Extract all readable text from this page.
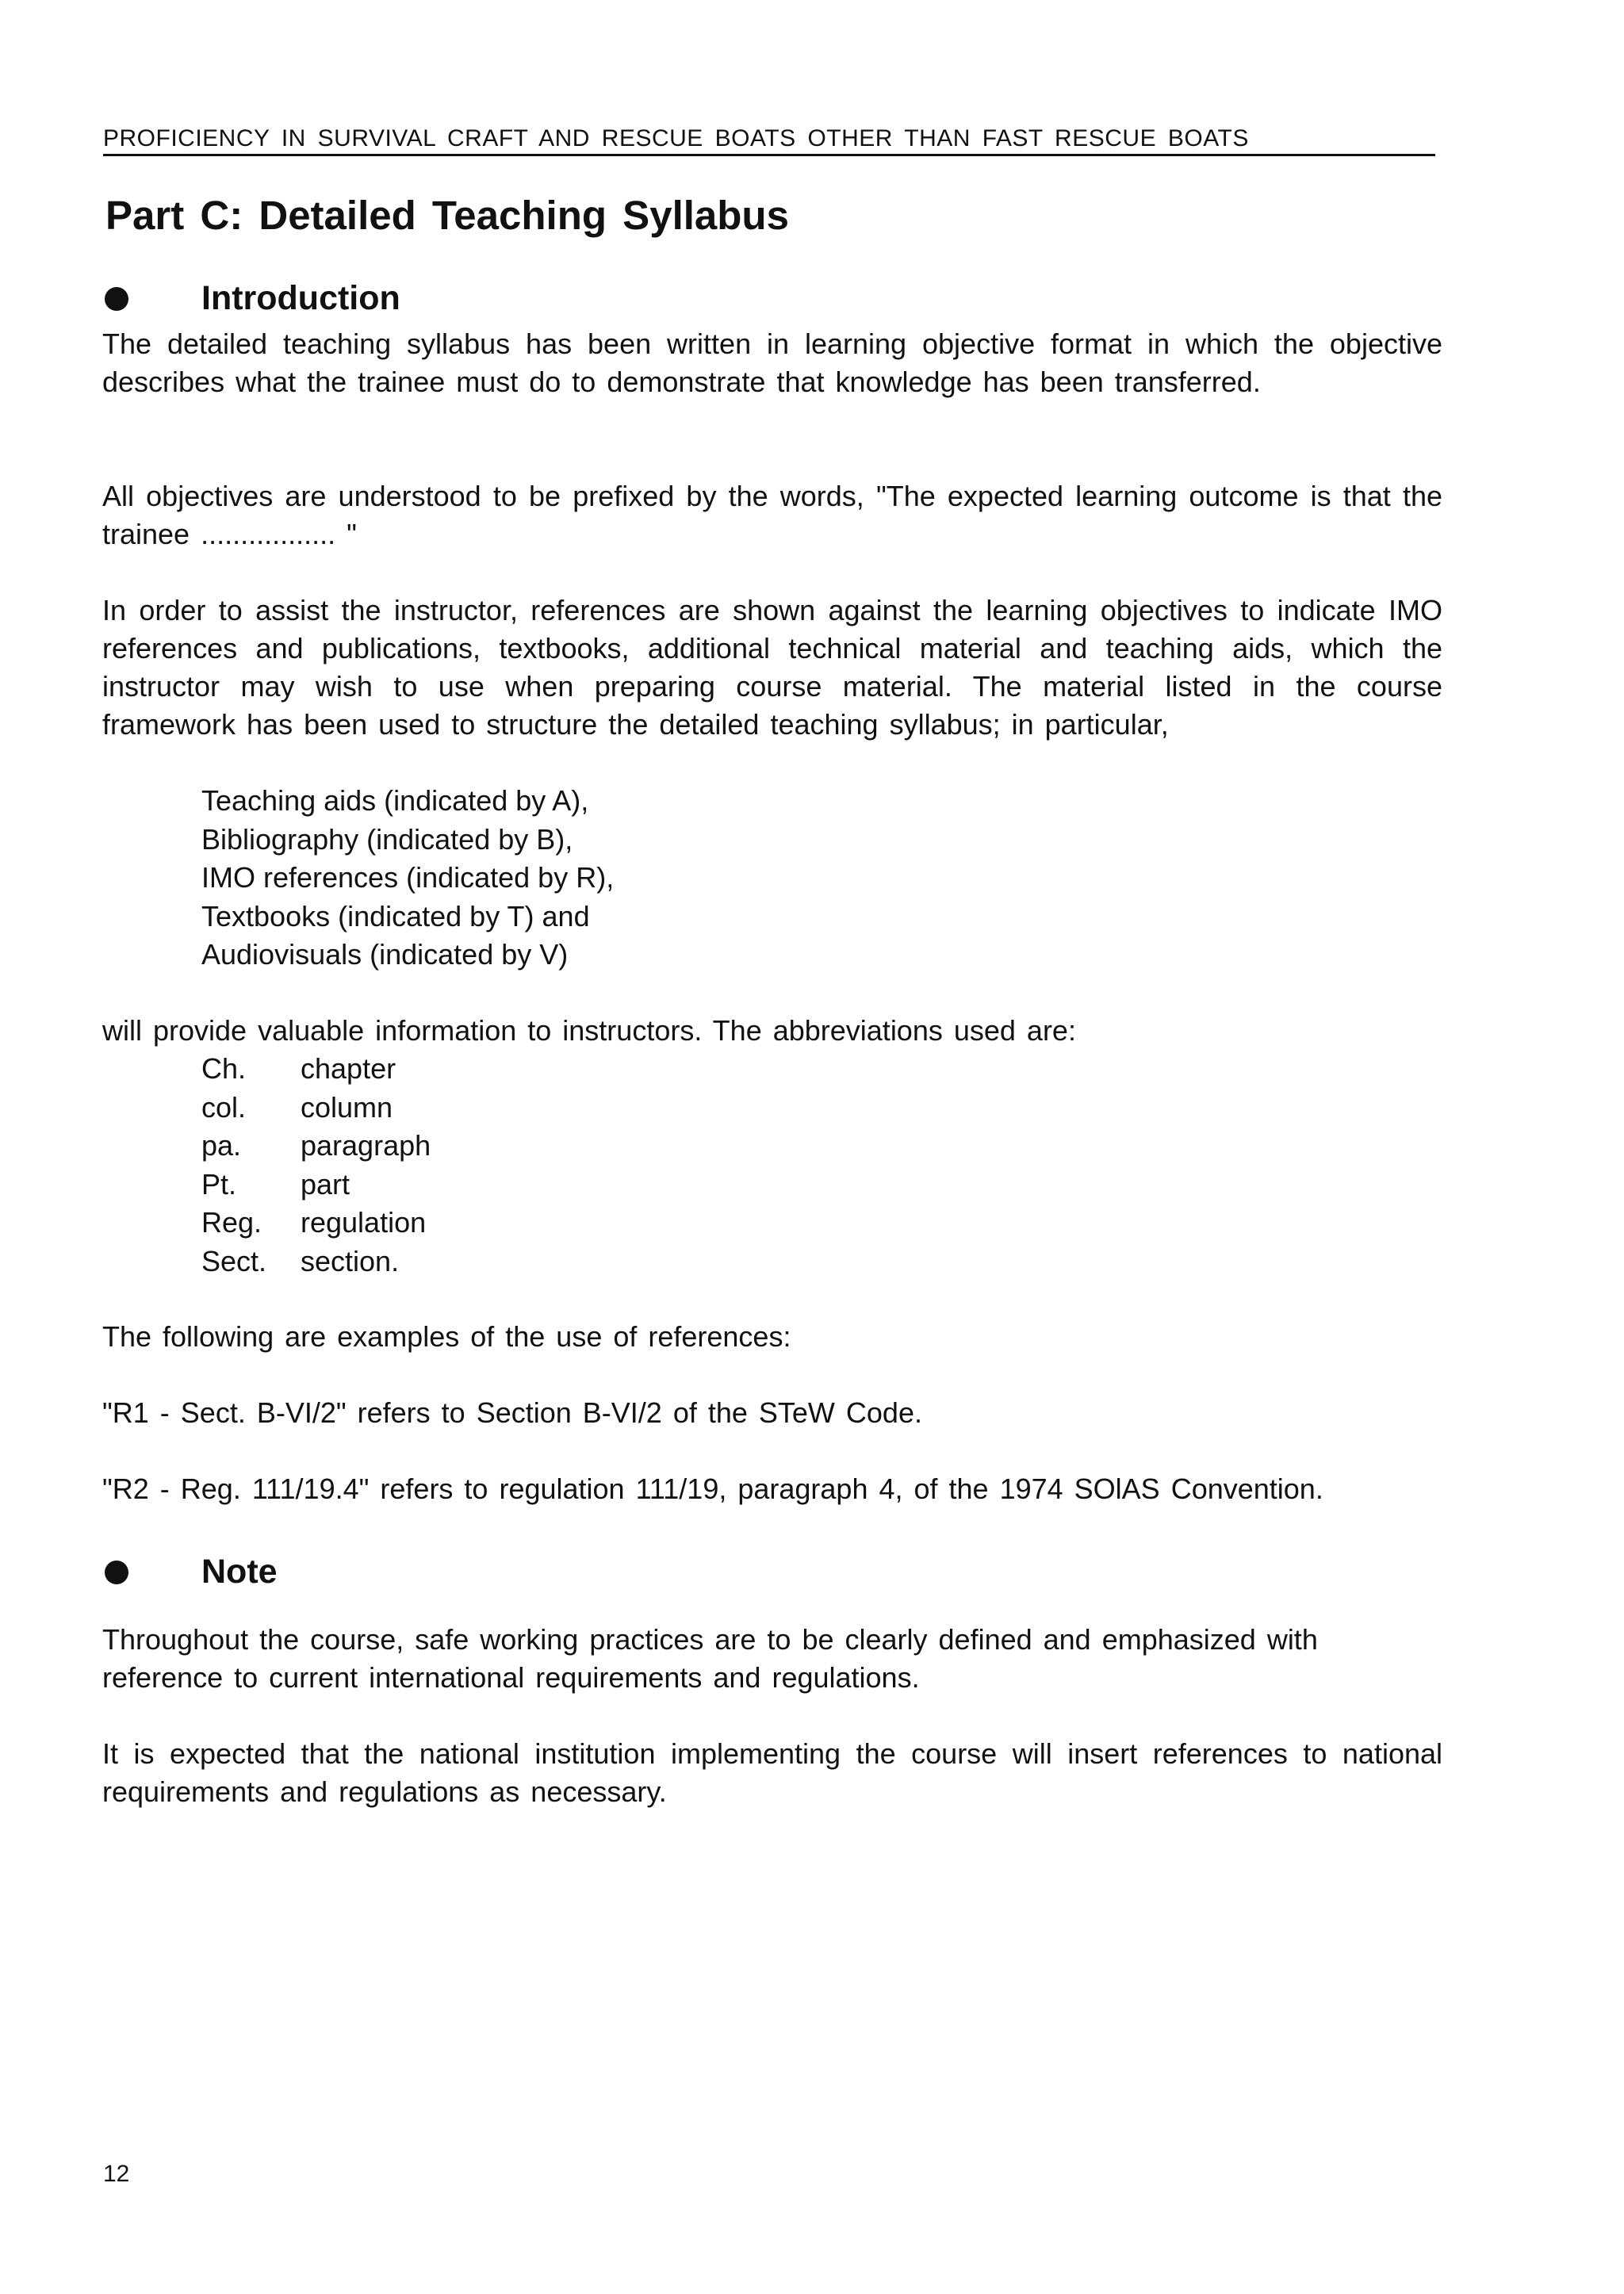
PROFICIENCY IN SURVIVAL CRAFT AND RESCUE BOATS OTHER THAN FAST RESCUE BOATS
Part C: Detailed Teaching Syllabus
Introduction

The detailed teaching syllabus has been written in learning objective format in which the objective describes what the trainee must do to demonstrate that knowledge has been transferred.

All objectives are understood to be prefixed by the words, "The expected learning outcome is that the trainee ................. "

In order to assist the instructor, references are shown against the learning objectives to indicate IMO references and publications, textbooks, additional technical material and teaching aids, which the instructor may wish to use when preparing course material. The material listed in the course framework has been used to structure the detailed teaching syllabus; in particular,

Teaching aids (indicated by A),
Bibliography (indicated by B),
IMO references (indicated by R),
Textbooks (indicated by T) and
Audiovisuals (indicated by V)

will provide valuable information to instructors. The abbreviations used are:

Ch.	chapter
col.	column
pa.	paragraph
Pt.	part
Reg.	regulation
Sect.	section.

The following are examples of the use of references:

"R1 - Sect. B-VI/2" refers to Section B-VI/2 of the STeW Code.

"R2 - Reg. 111/19.4" refers to regulation 111/19, paragraph 4, of the 1974 SOlAS Convention.

Note

Throughout the course, safe working practices are to be clearly defined and emphasized with reference to current international requirements and regulations.

It is expected that the national institution implementing the course will insert references to national requirements and regulations as necessary.

12
